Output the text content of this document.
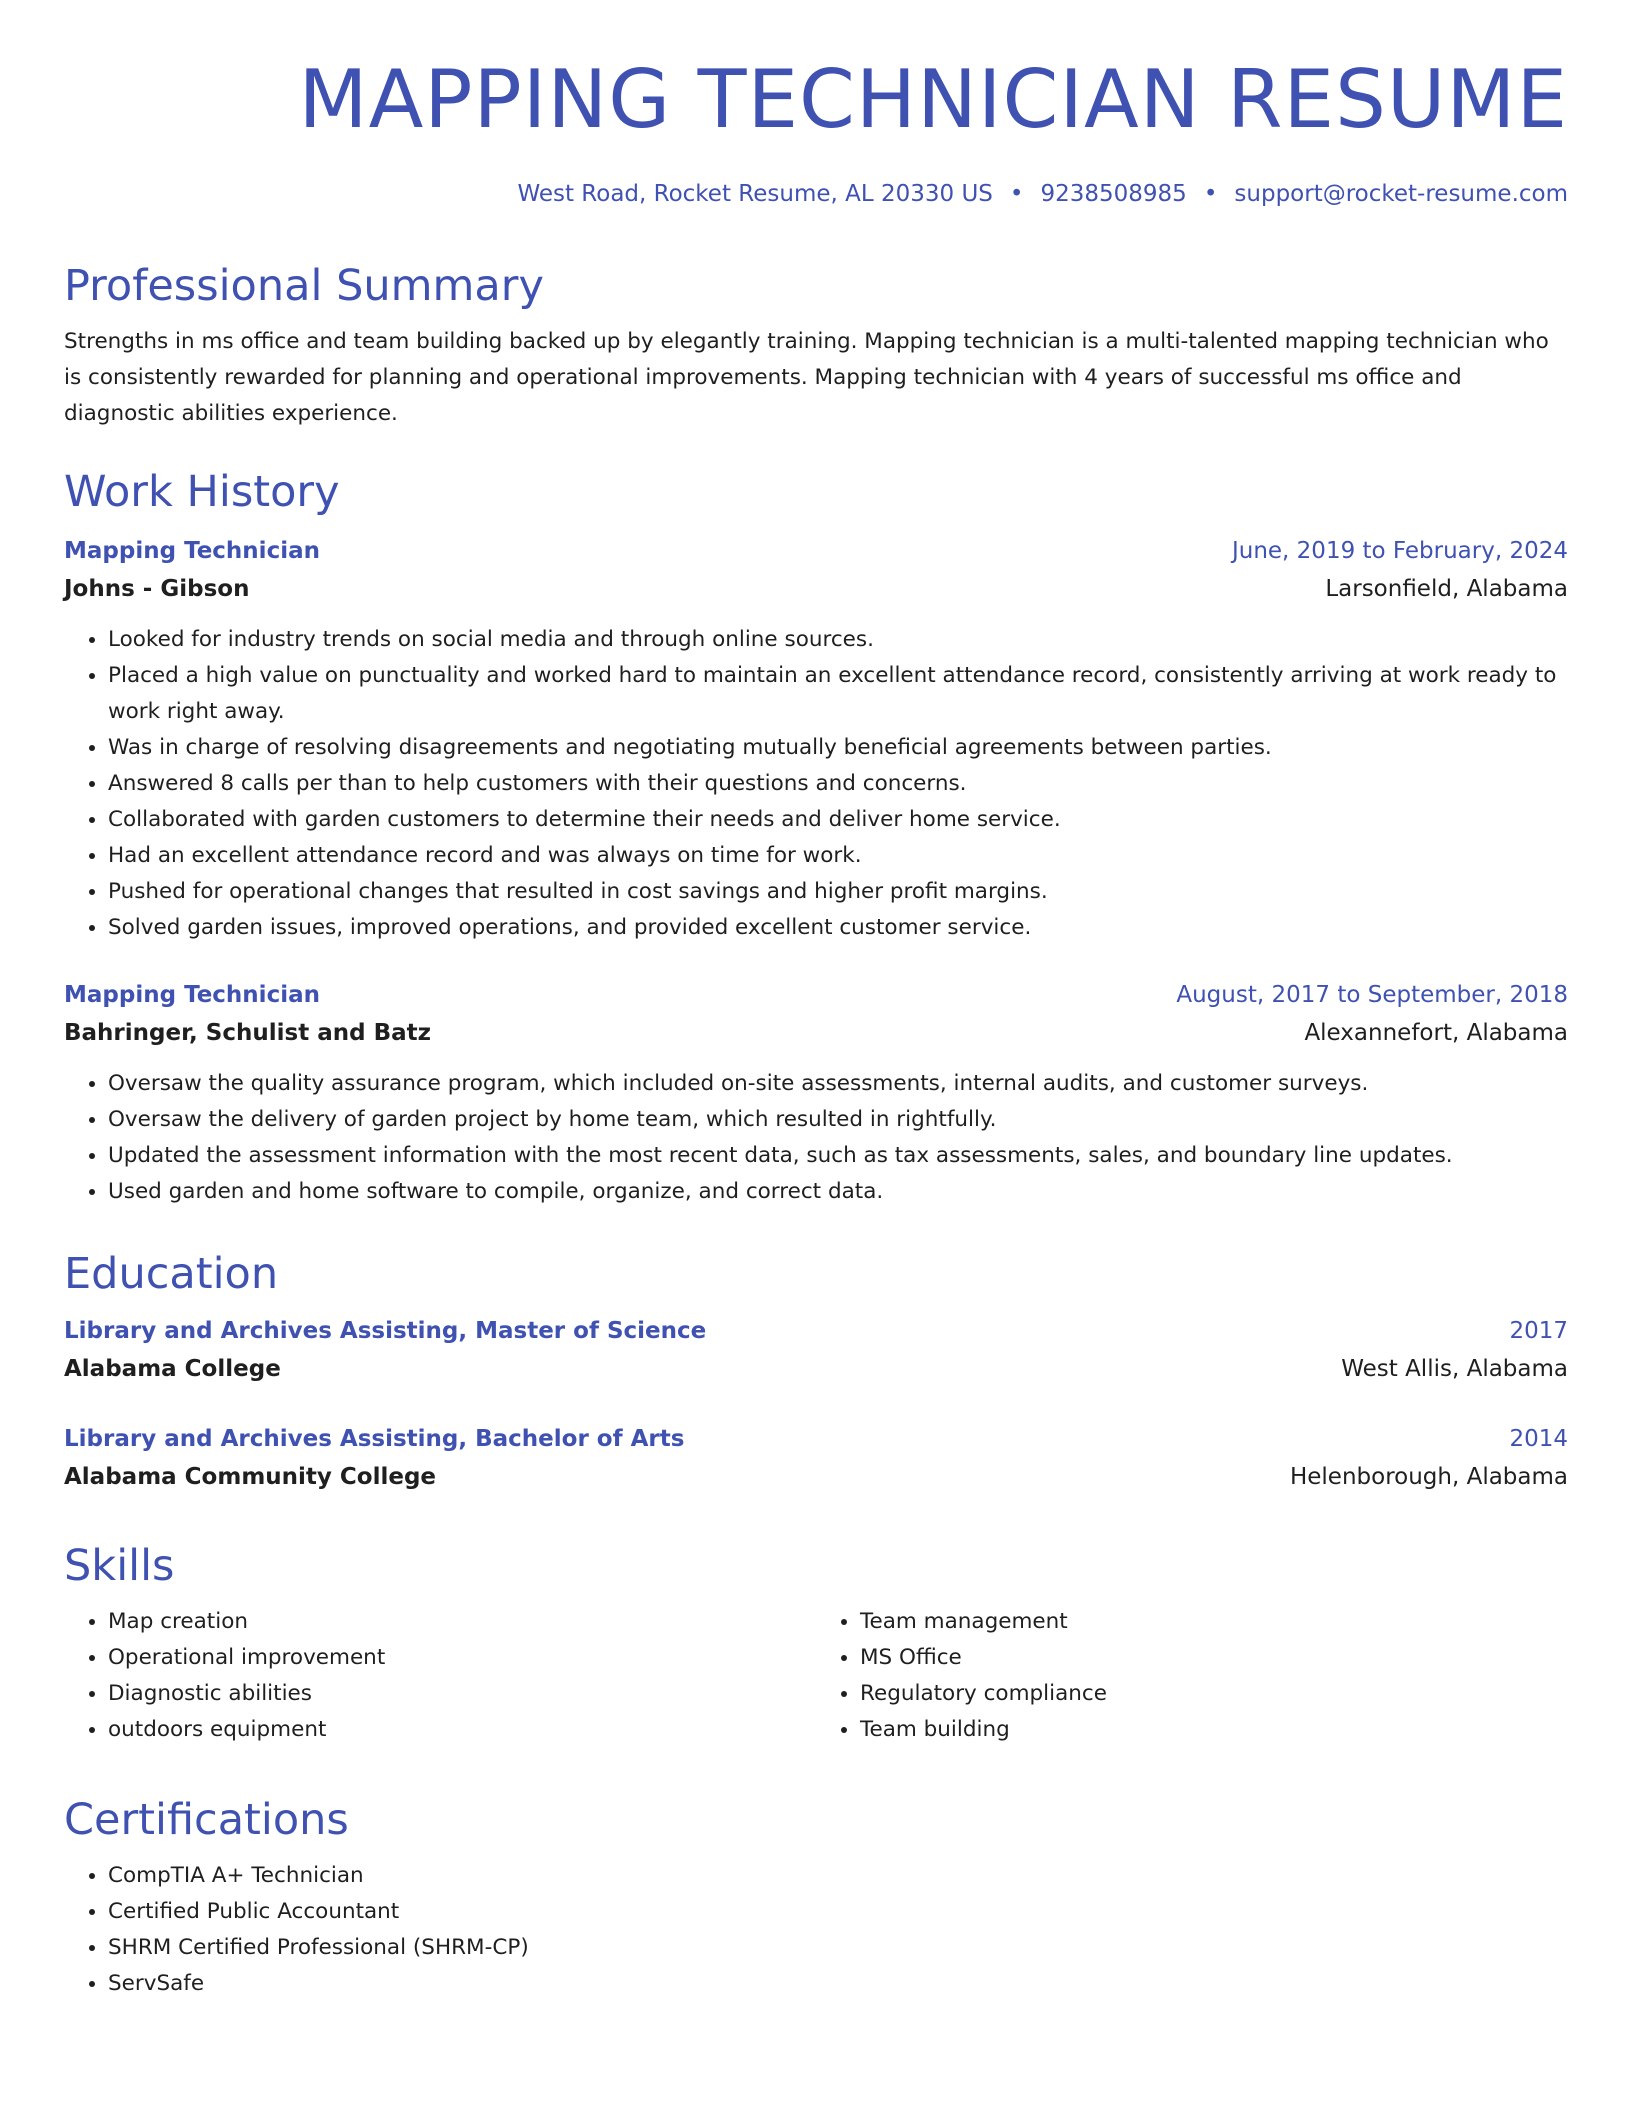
MAPPING TECHNICIAN RESUME
West Road, Rocket Resume, AL 20330 US • 9238508985 • support@rocket-resume.com
Professional Summary

Strengths in ms office and team building backed up by elegantly training. Mapping technician is a multi-talented mapping technician who is consistently rewarded for planning and operational improvements. Mapping technician with 4 years of successful ms office and diagnostic abilities experience.

Work History
Mapping Technician	June, 2019 to February, 2024
Johns - Gibson	Larsonfield, Alabama
• Looked for industry trends on social media and through online sources.
• Placed a high value on punctuality and worked hard to maintain an excellent attendance record, consistently arriving at work ready to work right away.
• Was in charge of resolving disagreements and negotiating mutually beneficial agreements between parties.
• Answered 8 calls per than to help customers with their questions and concerns.
• Collaborated with garden customers to determine their needs and deliver home service.
• Had an excellent attendance record and was always on time for work.
• Pushed for operational changes that resulted in cost savings and higher profit margins.
• Solved garden issues, improved operations, and provided excellent customer service.
Mapping Technician	August, 2017 to September, 2018
Bahringer, Schulist and Batz	Alexannefort, Alabama
• Oversaw the quality assurance program, which included on-site assessments, internal audits, and customer surveys.
• Oversaw the delivery of garden project by home team, which resulted in rightfully.
• Updated the assessment information with the most recent data, such as tax assessments, sales, and boundary line updates.
• Used garden and home software to compile, organize, and correct data.
Education
Library and Archives Assisting, Master of Science	2017
Alabama College	West Allis, Alabama
Library and Archives Assisting, Bachelor of Arts	2014
Alabama Community College	Helenborough, Alabama
Skills
• Map creation
• Operational improvement
• Diagnostic abilities
• outdoors equipment
• Team management
• MS Office
• Regulatory compliance
• Team building
Certifications
• CompTIA A+ Technician
• Certified Public Accountant
• SHRM Certified Professional (SHRM-CP)
• ServSafe
